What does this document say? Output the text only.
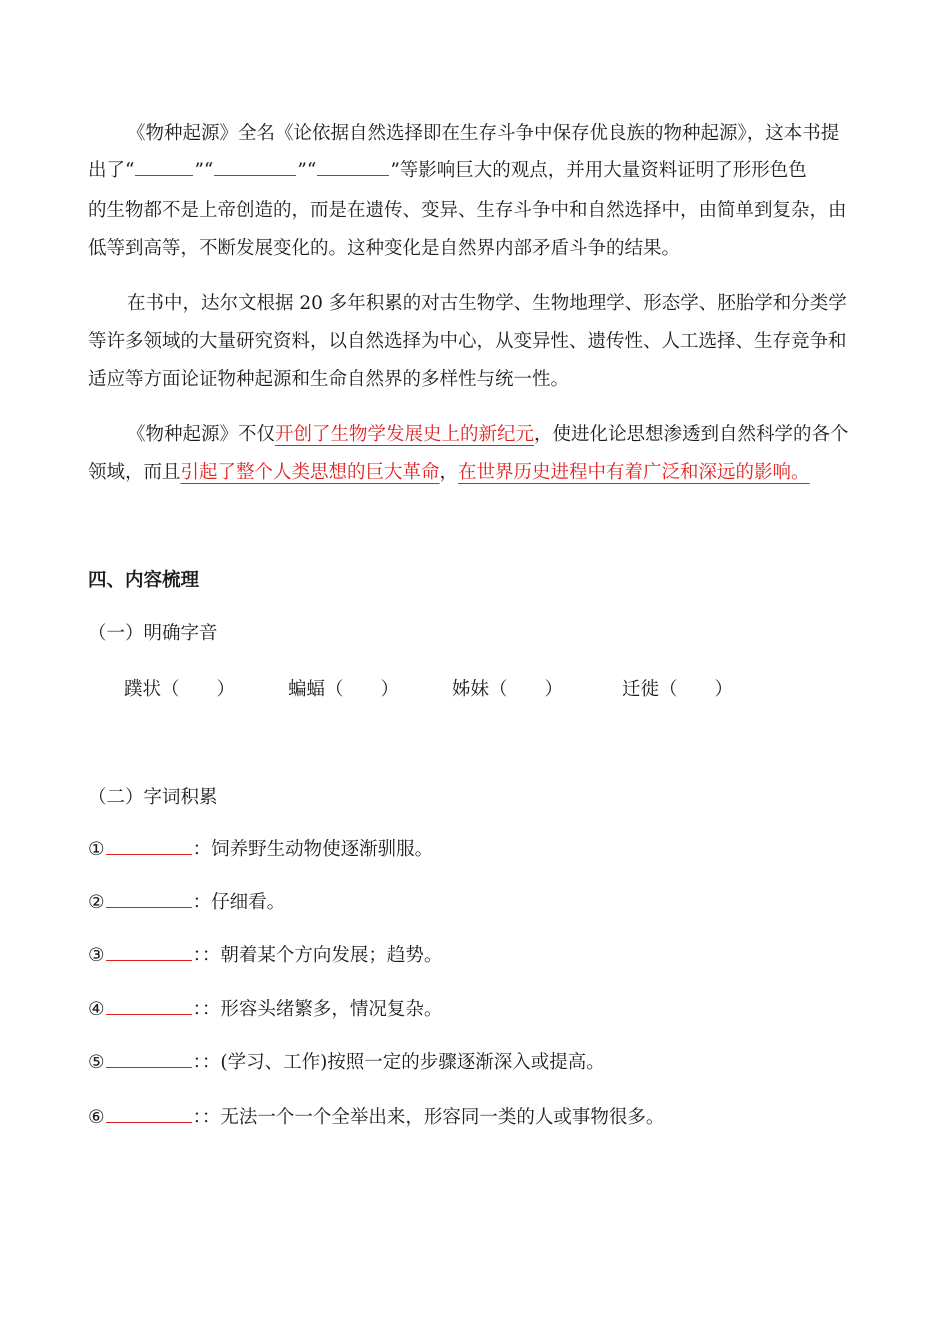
《物种起源》全名《论依据自然选择即在生存斗争中保存优良族的物种起源》，这本书提
出了“	”“	”“	”等影响巨大的观点，并用大量资料证明了形形色色
的生物都不是上帝创造的，而是在遗传、变异、生存斗争中和自然选择中，由简单到复杂，由
低等到高等，不断发展变化的。这种变化是自然界内部矛盾斗争的结果。
在书中，达尔文根据 20 多年积累的对古生物学、生物地理学、形态学、胚胎学和分类学
等许多领域的大量研究资料，以自然选择为中心，从变异性、遗传性、人工选择、生存竞争和
适应等方面论证物种起源和生命自然界的多样性与统一性。
《物种起源》不仅开创了生物学发展史上的新纪元，使进化论思想渗透到自然科学的各个
领域，而且引起了整个人类思想的巨大革命，在世界历史进程中有着广泛和深远的影响。
四、内容梳理
（一）明确字音
蹼状（　　）	蝙蝠（　　）	姊妹（　　）	迁徙（　　）
（二）字词积累
①	：饲养野生动物使逐渐驯服。
②	：仔细看。
③	：：朝着某个方向发展；趋势。
④	：：形容头绪繁多，情况复杂。
⑤	：：(学习、工作)按照一定的步骤逐渐深入或提高。
⑥	：：无法一个一个全举出来，形容同一类的人或事物很多。
